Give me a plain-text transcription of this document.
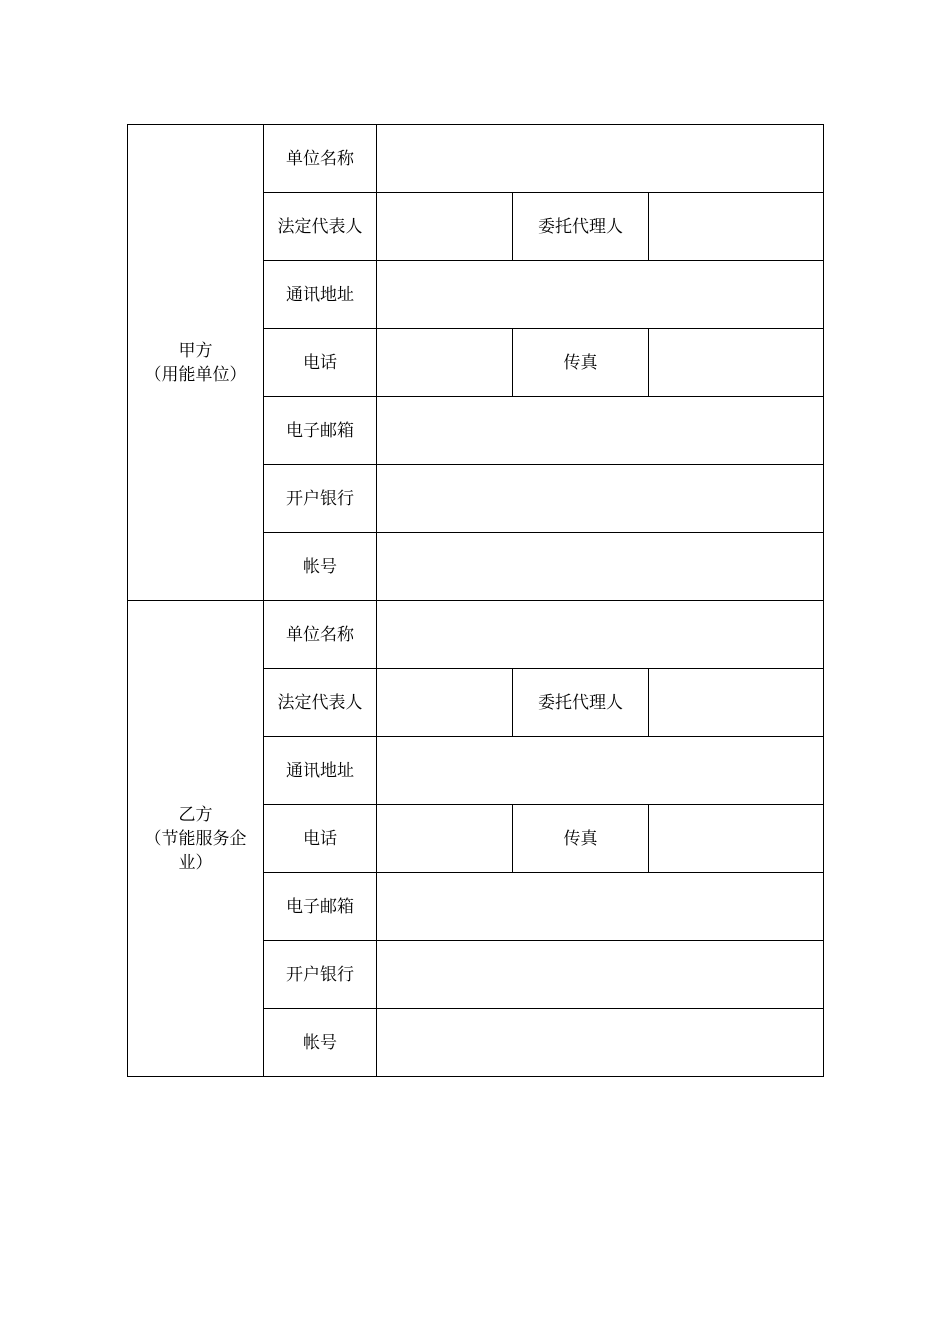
甲方
（用能单位）	单位名称			
	法定代表人		委托代理人	
	通讯地址			
	电话		传真	
	电子邮箱			
	开户银行			
	帐号			

乙方
（节能服务企业）	单位名称			
	法定代表人		委托代理人	
	通讯地址			
	电话		传真	
	电子邮箱			
	开户银行			
	帐号			
